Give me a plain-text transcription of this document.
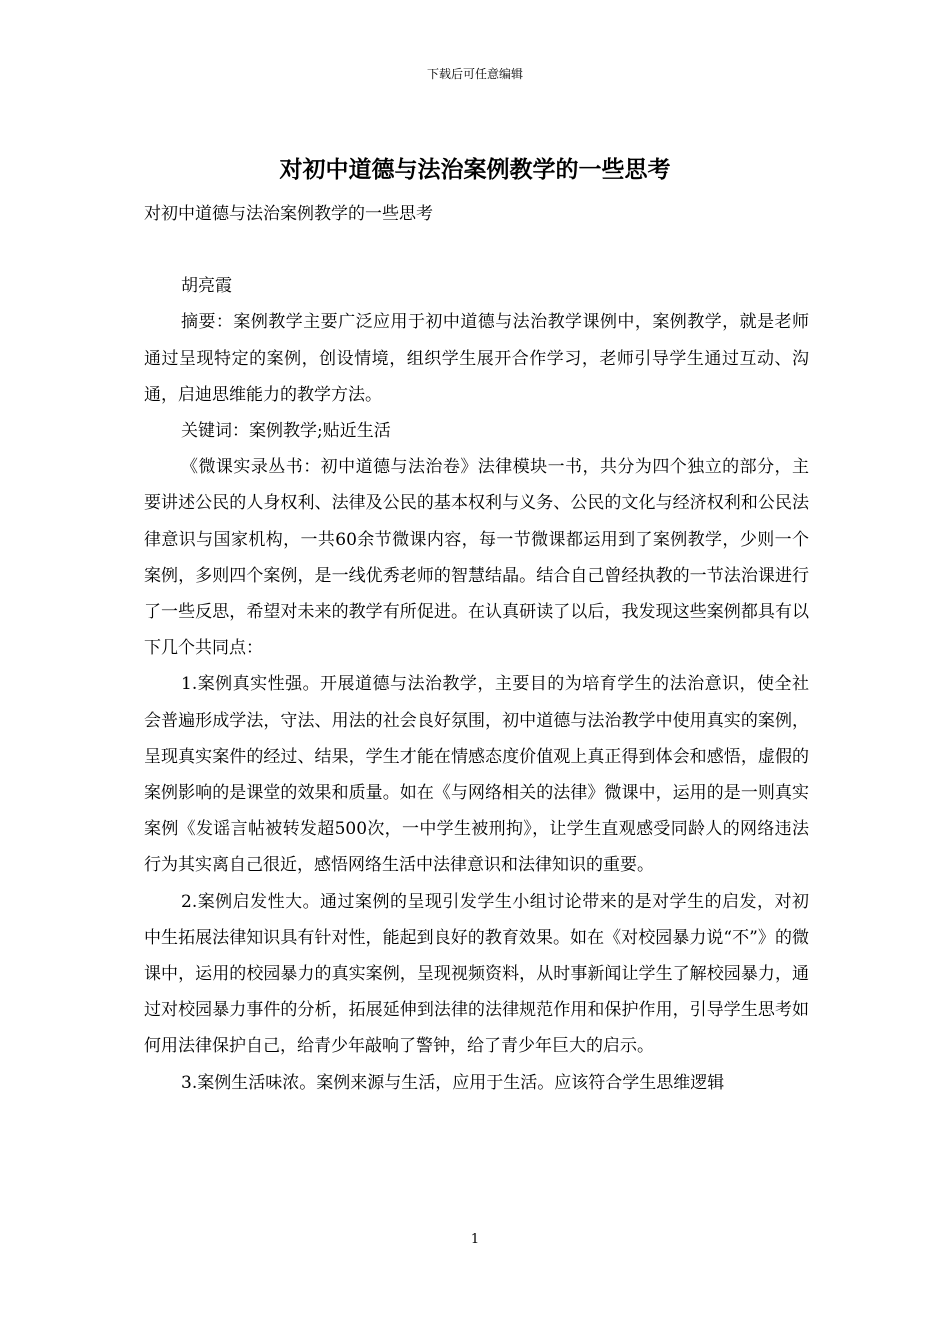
下载后可任意编辑
对初中道德与法治案例教学的一些思考

对初中道德与法治案例教学的一些思考

胡亮霞

摘要：案例教学主要广泛应用于初中道德与法治教学课例中，案例教学，就是老师通过呈现特定的案例，创设情境，组织学生展开合作学习，老师引导学生通过互动、沟通，启迪思维能力的教学方法。

关键词：案例教学;贴近生活

《微课实录丛书：初中道德与法治卷》法律模块一书，共分为四个独立的部分，主要讲述公民的人身权利、法律及公民的基本权利与义务、公民的文化与经济权利和公民法律意识与国家机构，一共60余节微课内容，每一节微课都运用到了案例教学，少则一个案例，多则四个案例，是一线优秀老师的智慧结晶。结合自己曾经执教的一节法治课进行了一些反思，希望对未来的教学有所促进。在认真研读了以后，我发现这些案例都具有以下几个共同点：

1.案例真实性强。开展道德与法治教学，主要目的为培育学生的法治意识，使全社会普遍形成学法，守法、用法的社会良好氛围，初中道德与法治教学中使用真实的案例，呈现真实案件的经过、结果，学生才能在情感态度价值观上真正得到体会和感悟，虚假的案例影响的是课堂的效果和质量。如在《与网络相关的法律》微课中，运用的是一则真实案例《发谣言帖被转发超500次，一中学生被刑拘》，让学生直观感受同龄人的网络违法行为其实离自己很近，感悟网络生活中法律意识和法律知识的重要。

2.案例启发性大。通过案例的呈现引发学生小组讨论带来的是对学生的启发，对初中生拓展法律知识具有针对性，能起到良好的教育效果。如在《对校园暴力说“不”》的微课中，运用的校园暴力的真实案例，呈现视频资料，从时事新闻让学生了解校园暴力，通过对校园暴力事件的分析，拓展延伸到法律的法律规范作用和保护作用，引导学生思考如何用法律保护自己，给青少年敲响了警钟，给了青少年巨大的启示。

3.案例生活味浓。案例来源与生活，应用于生活。应该符合学生思维逻辑

1
